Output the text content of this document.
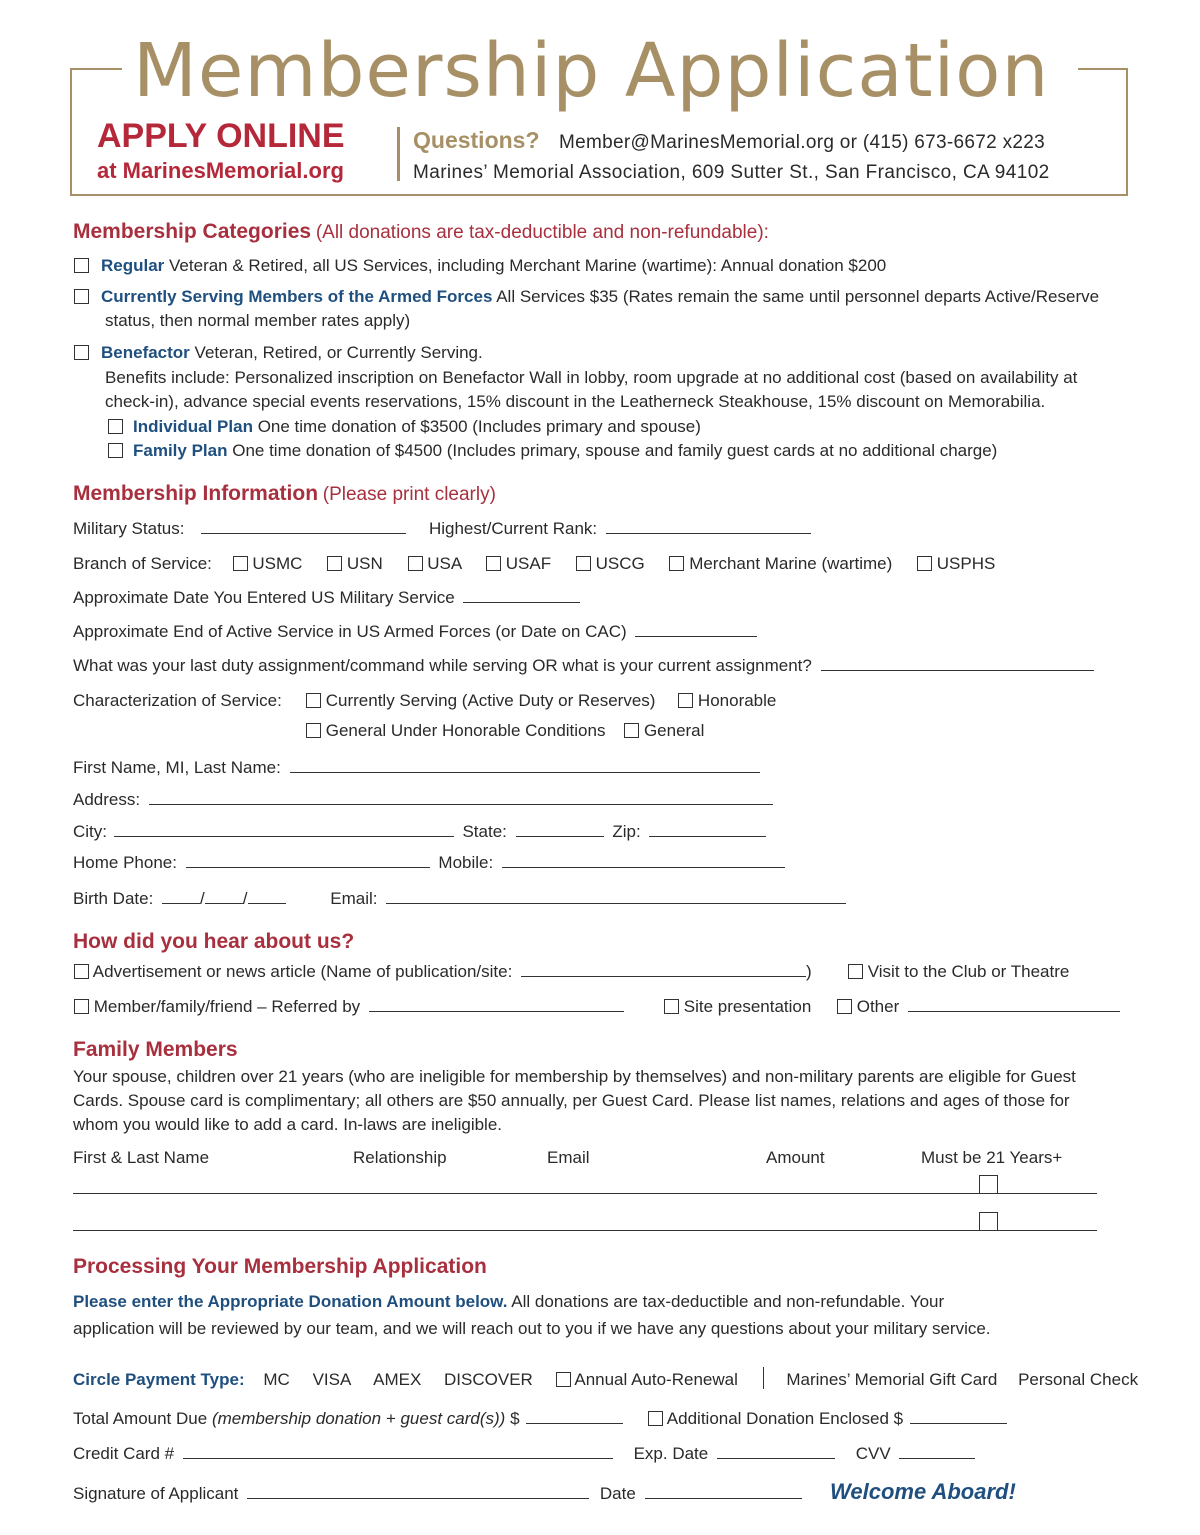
Membership Application
APPLY ONLINE
at MarinesMemorial.org
Questions? Member@MarinesMemorial.org or (415) 673-6672 x223
Marines’ Memorial Association, 609 Sutter St., San Francisco, CA 94102
Membership Categories (All donations are tax-deductible and non-refundable):
Regular Veteran & Retired, all US Services, including Merchant Marine (wartime): Annual donation $200
Currently Serving Members of the Armed Forces All Services $35 (Rates remain the same until personnel departs Active/Reserve
status, then normal member rates apply)
Benefactor Veteran, Retired, or Currently Serving.
Benefits include: Personalized inscription on Benefactor Wall in lobby, room upgrade at no additional cost (based on availability at check-in), advance special events reservations, 15% discount in the Leatherneck Steakhouse, 15% discount on Memorabilia.
Individual Plan One time donation of $3500 (Includes primary and spouse)
Family Plan One time donation of $4500 (Includes primary, spouse and family guest cards at no additional charge)
Membership Information (Please print clearly)
Military Status:	Highest/Current Rank:
Branch of Service: USMC	USN	USA	USAF	USCG	Merchant Marine (wartime)	USPHS
Approximate Date You Entered US Military Service
Approximate End of Active Service in US Armed Forces (or Date on CAC)
What was your last duty assignment/command while serving OR what is your current assignment?
Characterization of Service:	Currently Serving (Active Duty or Reserves) Honorable
General Under Honorable Conditions General
First Name, MI, Last Name:
Address:
City:	State:	Zip:
Home Phone:	Mobile:
Birth Date:	/ /	Email:
How did you hear about us?
Advertisement or news article (Name of publication/site:	)	Visit to the Club or Theatre
Member/family/friend – Referred by	Site presentation	Other
Family Members
Your spouse, children over 21 years (who are ineligible for membership by themselves) and non-military parents are eligible for Guest Cards. Spouse card is complimentary; all others are $50 annually, per Guest Card. Please list names, relations and ages of those for whom you would like to add a card. In-laws are ineligible.
First & Last Name	Relationship	Email	Amount	Must be 21 Years+
Processing Your Membership Application
Please enter the Appropriate Donation Amount below. All donations are tax-deductible and non-refundable. Your
application will be reviewed by our team, and we will reach out to you if we have any questions about your military service.
Circle Payment Type: MC VISA AMEX DISCOVER Annual Auto-Renewal	Marines’ Memorial Gift Card Personal Check
Total Amount Due (membership donation + guest card(s)) $	Additional Donation Enclosed $
Credit Card #	Exp. Date	CVV
Signature of Applicant	Date	Welcome Aboard!
